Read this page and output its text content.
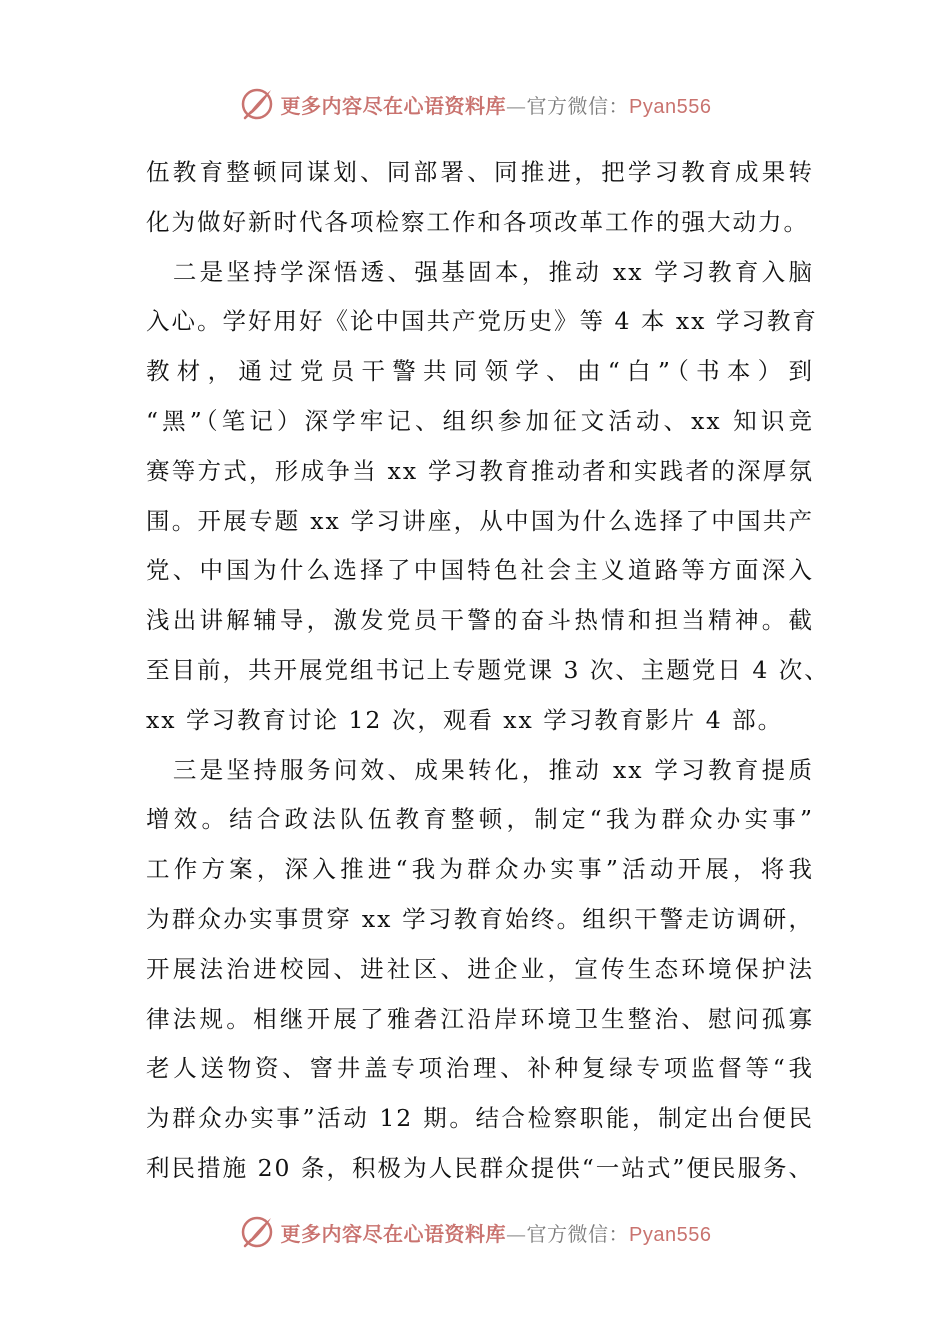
更多内容尽在心语资料库 — 官方微信： Pyan556
伍教育整顿同谋划、同部署、同推进，把学习教育成果转
化为做好新时代各项检察工作和各项改革工作的强大动力。
　二是坚持学深悟透、强基固本，推动 xx 学习教育入脑
入心。学好用好《论中国共产党历史》等 4 本 xx 学习教育
教材，通过党员干警共同领学、由“白”（书本）到
“黑”（笔记）深学牢记、组织参加征文活动、xx 知识竞
赛等方式，形成争当 xx 学习教育推动者和实践者的深厚氛
围。开展专题 xx 学习讲座，从中国为什么选择了中国共产
党、中国为什么选择了中国特色社会主义道路等方面深入
浅出讲解辅导，激发党员干警的奋斗热情和担当精神。截
至目前，共开展党组书记上专题党课 3 次、主题党日 4 次、
xx 学习教育讨论 12 次，观看 xx 学习教育影片 4 部。
　三是坚持服务问效、成果转化，推动 xx 学习教育提质
增效。结合政法队伍教育整顿，制定“我为群众办实事”
工作方案，深入推进“我为群众办实事”活动开展，将我
为群众办实事贯穿 xx 学习教育始终。组织干警走访调研，
开展法治进校园、进社区、进企业，宣传生态环境保护法
律法规。相继开展了雅砻江沿岸环境卫生整治、慰问孤寡
老人送物资、窨井盖专项治理、补种复绿专项监督等“我
为群众办实事”活动 12 期。结合检察职能，制定出台便民
利民措施 20 条，积极为人民群众提供“一站式”便民服务、
更多内容尽在心语资料库 — 官方微信： Pyan556
